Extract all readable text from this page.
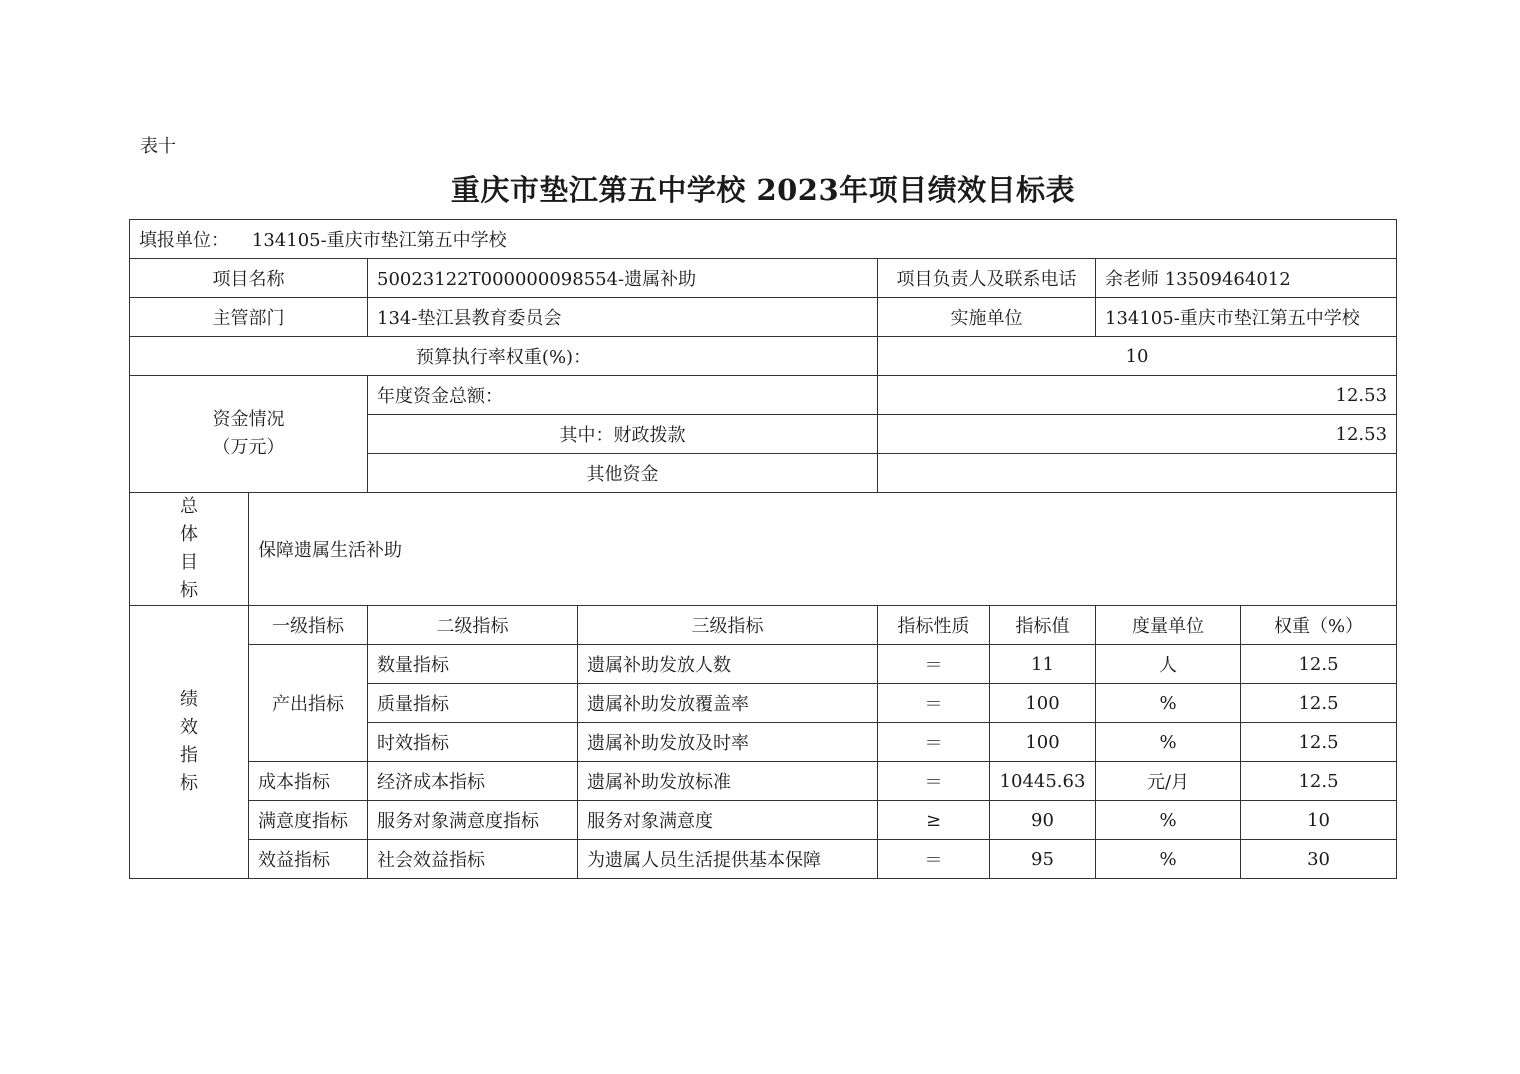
表十
重庆市垫江第五中学校 2023年项目绩效目标表
填报单位： 134105-重庆市垫江第五中学校							
项目名称		50023122T000000098554-遗属补助		项目负责人及联系电话		余老师 13509464012	
主管部门		134-垫江县教育委员会		实施单位		134105-重庆市垫江第五中学校	
预算执行率权重(%)：				10			

资金情况
（万元）		年度资金总额：		12.53			
		其中：财政拨款		12.53			
		其他资金					

总
体
目
标	保障遗属生活补助						

绩
效
指
标	一级指标	二级指标	三级指标	指标性质	指标值	度量单位	权重（%）
	产出指标	数量指标	遗属补助发放人数	＝	11	人	12.5
		质量指标	遗属补助发放覆盖率	＝	100	%	12.5
		时效指标	遗属补助发放及时率	＝	100	%	12.5
	成本指标	经济成本指标	遗属补助发放标准	＝	10445.63	元/月	12.5
	满意度指标	服务对象满意度指标	服务对象满意度	≥	90	%	10
	效益指标	社会效益指标	为遗属人员生活提供基本保障	＝	95	%	30
